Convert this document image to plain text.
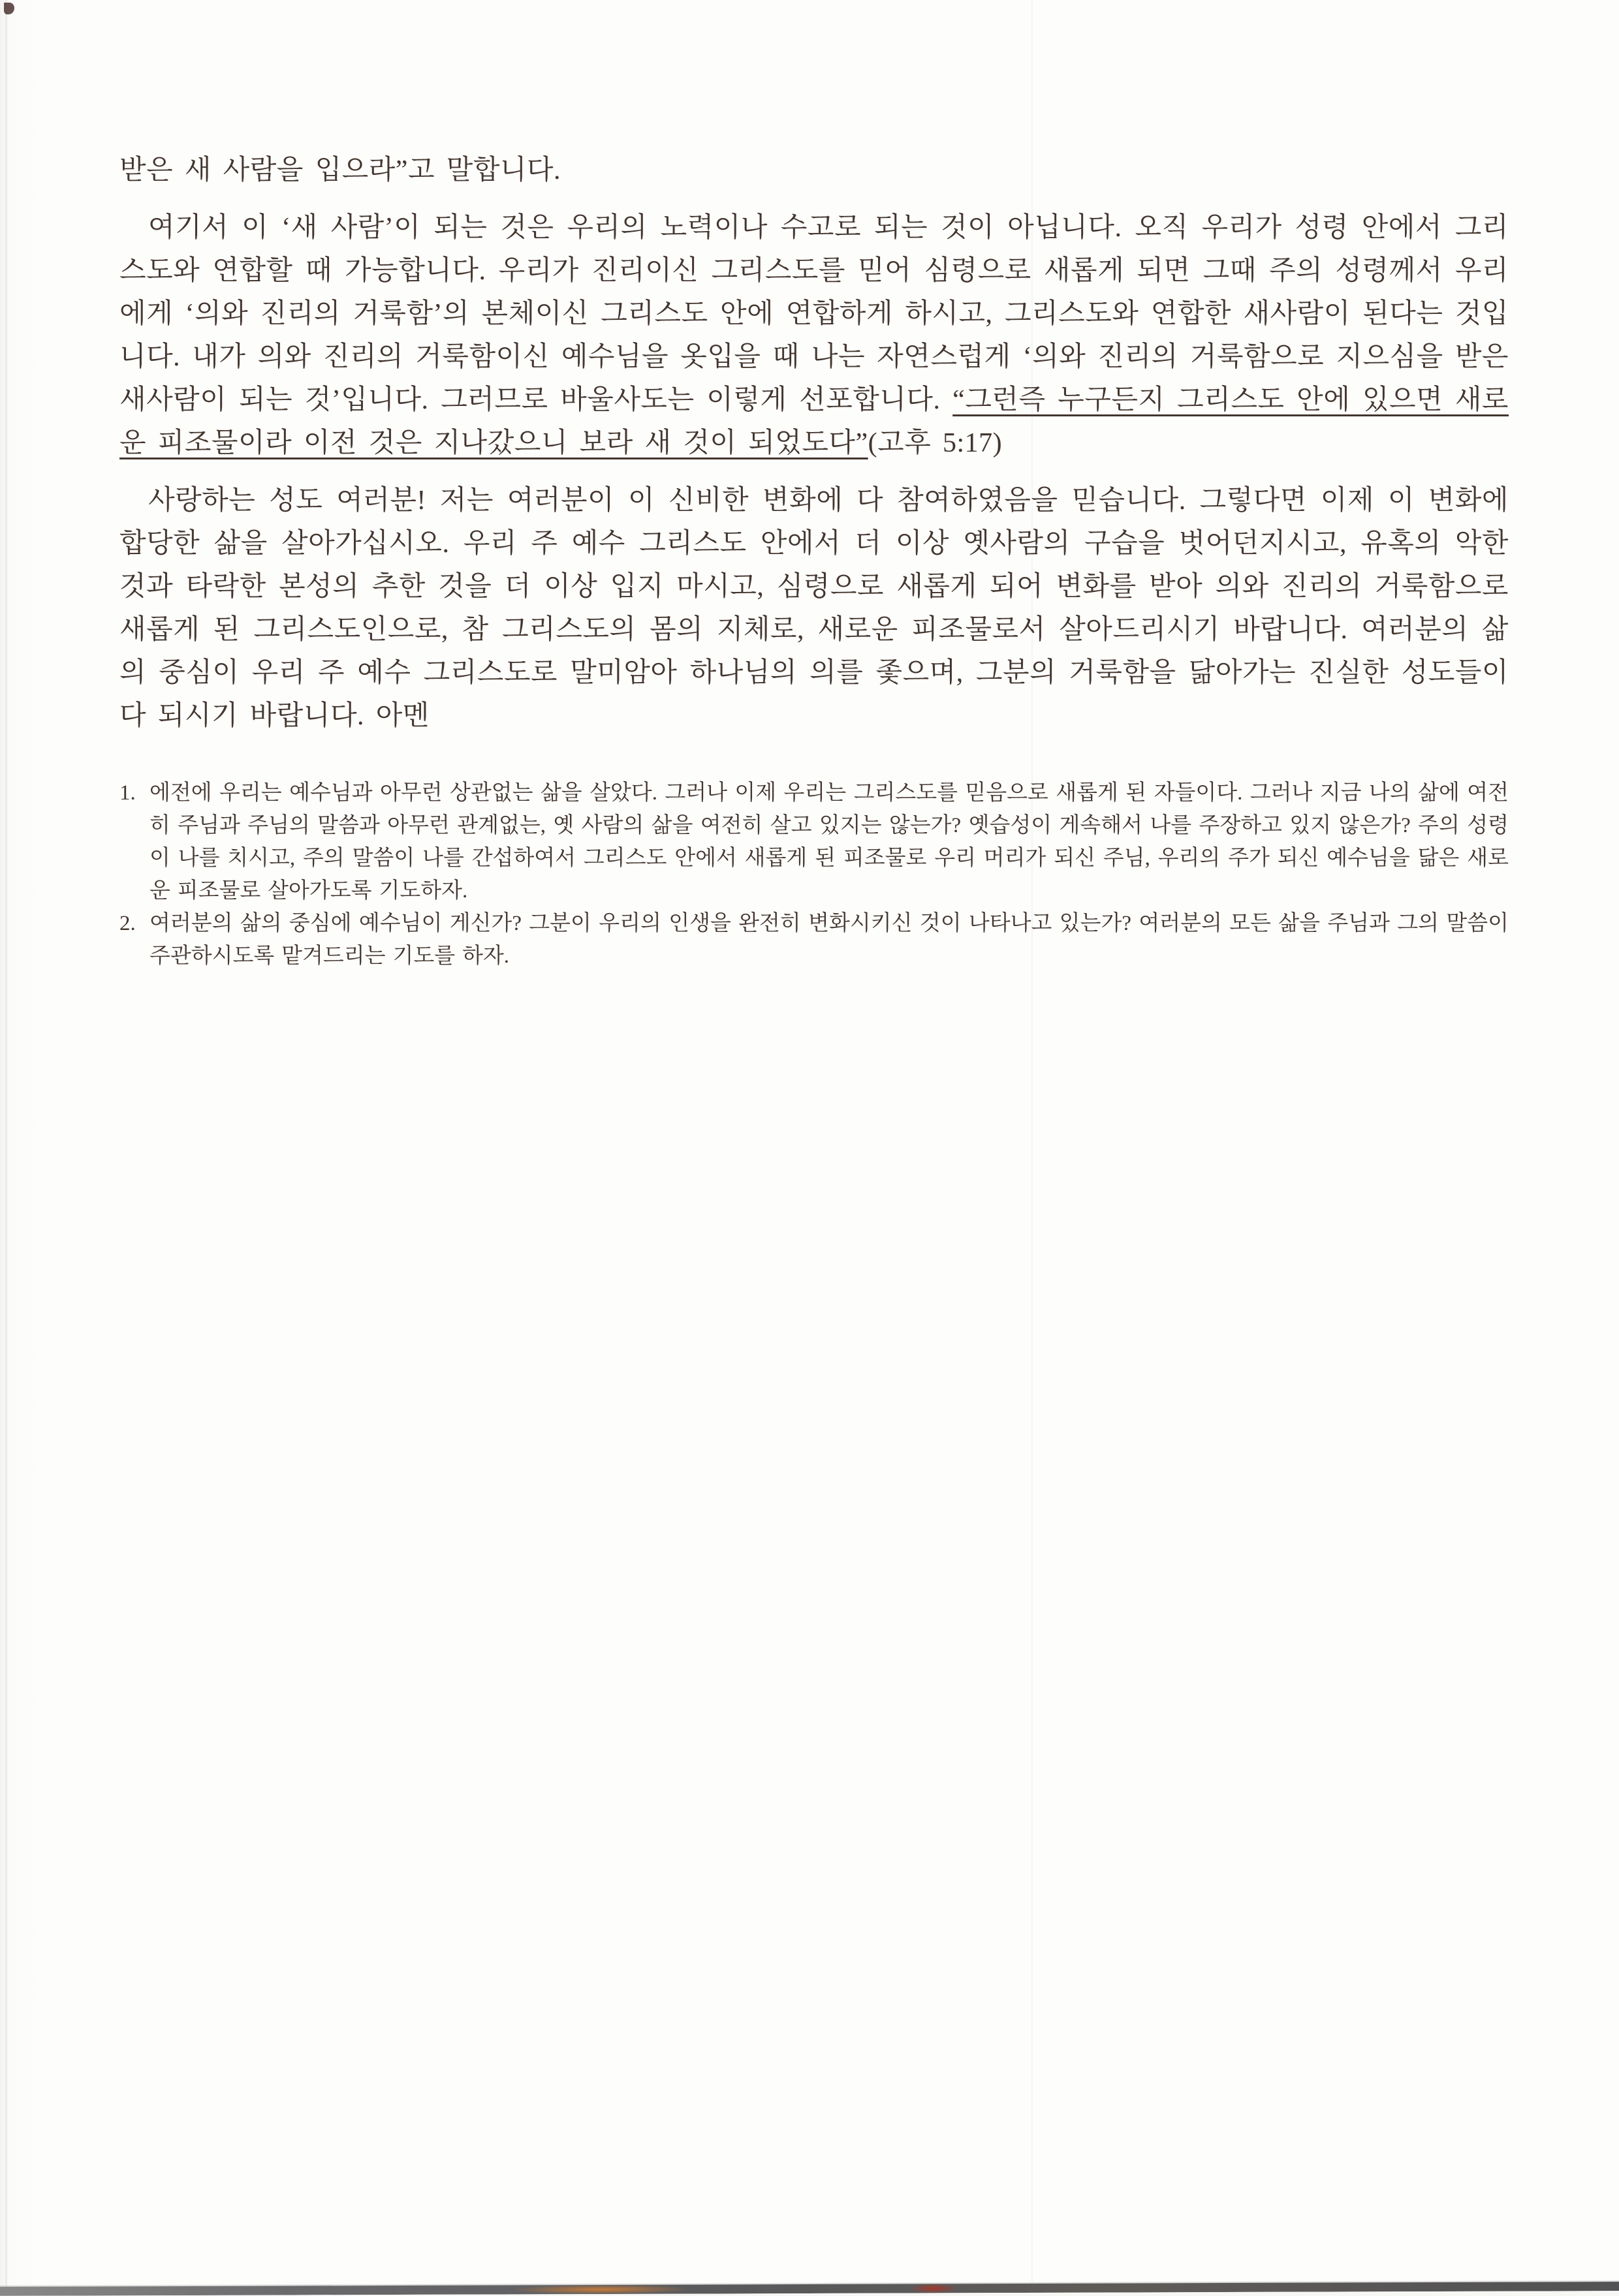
받은 새 사람을 입으라”고 말합니다.

여기서 이 ‘새 사람’이 되는 것은 우리의 노력이나 수고로 되는 것이 아닙니다. 오직 우리가 성령 안에서 그리스도와 연합할 때 가능합니다. 우리가 진리이신 그리스도를 믿어 심령으로 새롭게 되면 그때 주의 성령께서 우리에게 ‘의와 진리의 거룩함’의 본체이신 그리스도 안에 연합하게 하시고, 그리스도와 연합한 새사람이 된다는 것입니다. 내가 의와 진리의 거룩함이신 예수님을 옷입을 때 나는 자연스럽게 ‘의와 진리의 거룩함으로 지으심을 받은 새사람이 되는 것’입니다. 그러므로 바울사도는 이렇게 선포합니다. “그런즉 누구든지 그리스도 안에 있으면 새로운 피조물이라 이전 것은 지나갔으니 보라 새 것이 되었도다”(고후 5:17)

사랑하는 성도 여러분! 저는 여러분이 이 신비한 변화에 다 참여하였음을 믿습니다. 그렇다면 이제 이 변화에 합당한 삶을 살아가십시오. 우리 주 예수 그리스도 안에서 더 이상 옛사람의 구습을 벗어던지시고, 유혹의 악한 것과 타락한 본성의 추한 것을 더 이상 입지 마시고, 심령으로 새롭게 되어 변화를 받아 의와 진리의 거룩함으로 새롭게 된 그리스도인으로, 참 그리스도의 몸의 지체로, 새로운 피조물로서 살아드리시기 바랍니다. 여러분의 삶의 중심이 우리 주 예수 그리스도로 말미암아 하나님의 의를 좇으며, 그분의 거룩함을 닮아가는 진실한 성도들이 다 되시기 바랍니다. 아멘

1. 에전에 우리는 예수님과 아무런 상관없는 삶을 살았다. 그러나 이제 우리는 그리스도를 믿음으로 새롭게 된 자들이다. 그러나 지금 나의 삶에 여전히 주님과 주님의 말씀과 아무런 관계없는, 옛 사람의 삶을 여전히 살고 있지는 않는가? 옛습성이 게속해서 나를 주장하고 있지 않은가? 주의 성령이 나를 치시고, 주의 말씀이 나를 간섭하여서 그리스도 안에서 새롭게 된 피조물로 우리 머리가 되신 주님, 우리의 주가 되신 예수님을 닮은 새로운 피조물로 살아가도록 기도하자.
2. 여러분의 삶의 중심에 예수님이 게신가? 그분이 우리의 인생을 완전히 변화시키신 것이 나타나고 있는가? 여러분의 모든 삶을 주님과 그의 말씀이 주관하시도록 맡겨드리는 기도를 하자.
